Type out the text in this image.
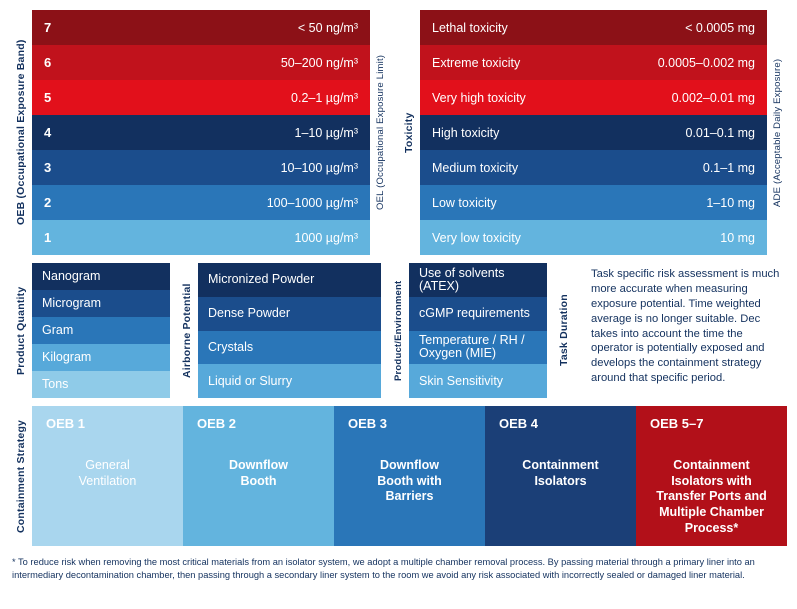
OEB (Occupational Exposure Band)
7	< 50 ng/m³
6	50–200 ng/m³
5	0.2–1 µg/m³
4	1–10 µg/m³
3	10–100 µg/m³
2	100–1000 µg/m³
1	1000 µg/m³
OEL (Occupational Exposure Limit) Toxicity
Lethal toxicity	< 0.0005 mg
Extreme toxicity	0.0005–0.002 mg
Very high toxicity	0.002–0.01 mg
High toxicity	0.01–0.1 mg
Medium toxicity	0.1–1 mg
Low toxicity	1–10 mg
Very low toxicity	10 mg
ADE (Acceptable Daily Exposure)
Product Quantity
Nanogram
Microgram
Gram
Kilogram
Tons
Airborne Potential
Micronized Powder
Dense Powder
Crystals
Liquid or Slurry	Product/Environment
Use of solvents (ATEX)
cGMP requirements
Temperature / RH / Oxygen (MIE)
Skin Sensitivity
Task Duration
Task specific risk assessment is much more accurate when measuring exposure potential. Time weighted average is no longer suitable. Dec takes into account the time the operator is potentially exposed and develops the containment strategy around that specific period.
Containment Strategy OEB 1
General
Ventilation
OEB 2
Downflow
Booth
OEB 3
Downflow
Booth with
Barriers
OEB 4
Containment
Isolators
OEB 5–7
Containment
Isolators with
Transfer Ports and
Multiple Chamber
Process*
* To reduce risk when removing the most critical materials from an isolator system, we adopt a multiple chamber removal process. By passing material through a primary liner into an intermediary decontamination chamber, then passing through a secondary liner system to the room we avoid any risk associated with incorrectly sealed or damaged liner material.
